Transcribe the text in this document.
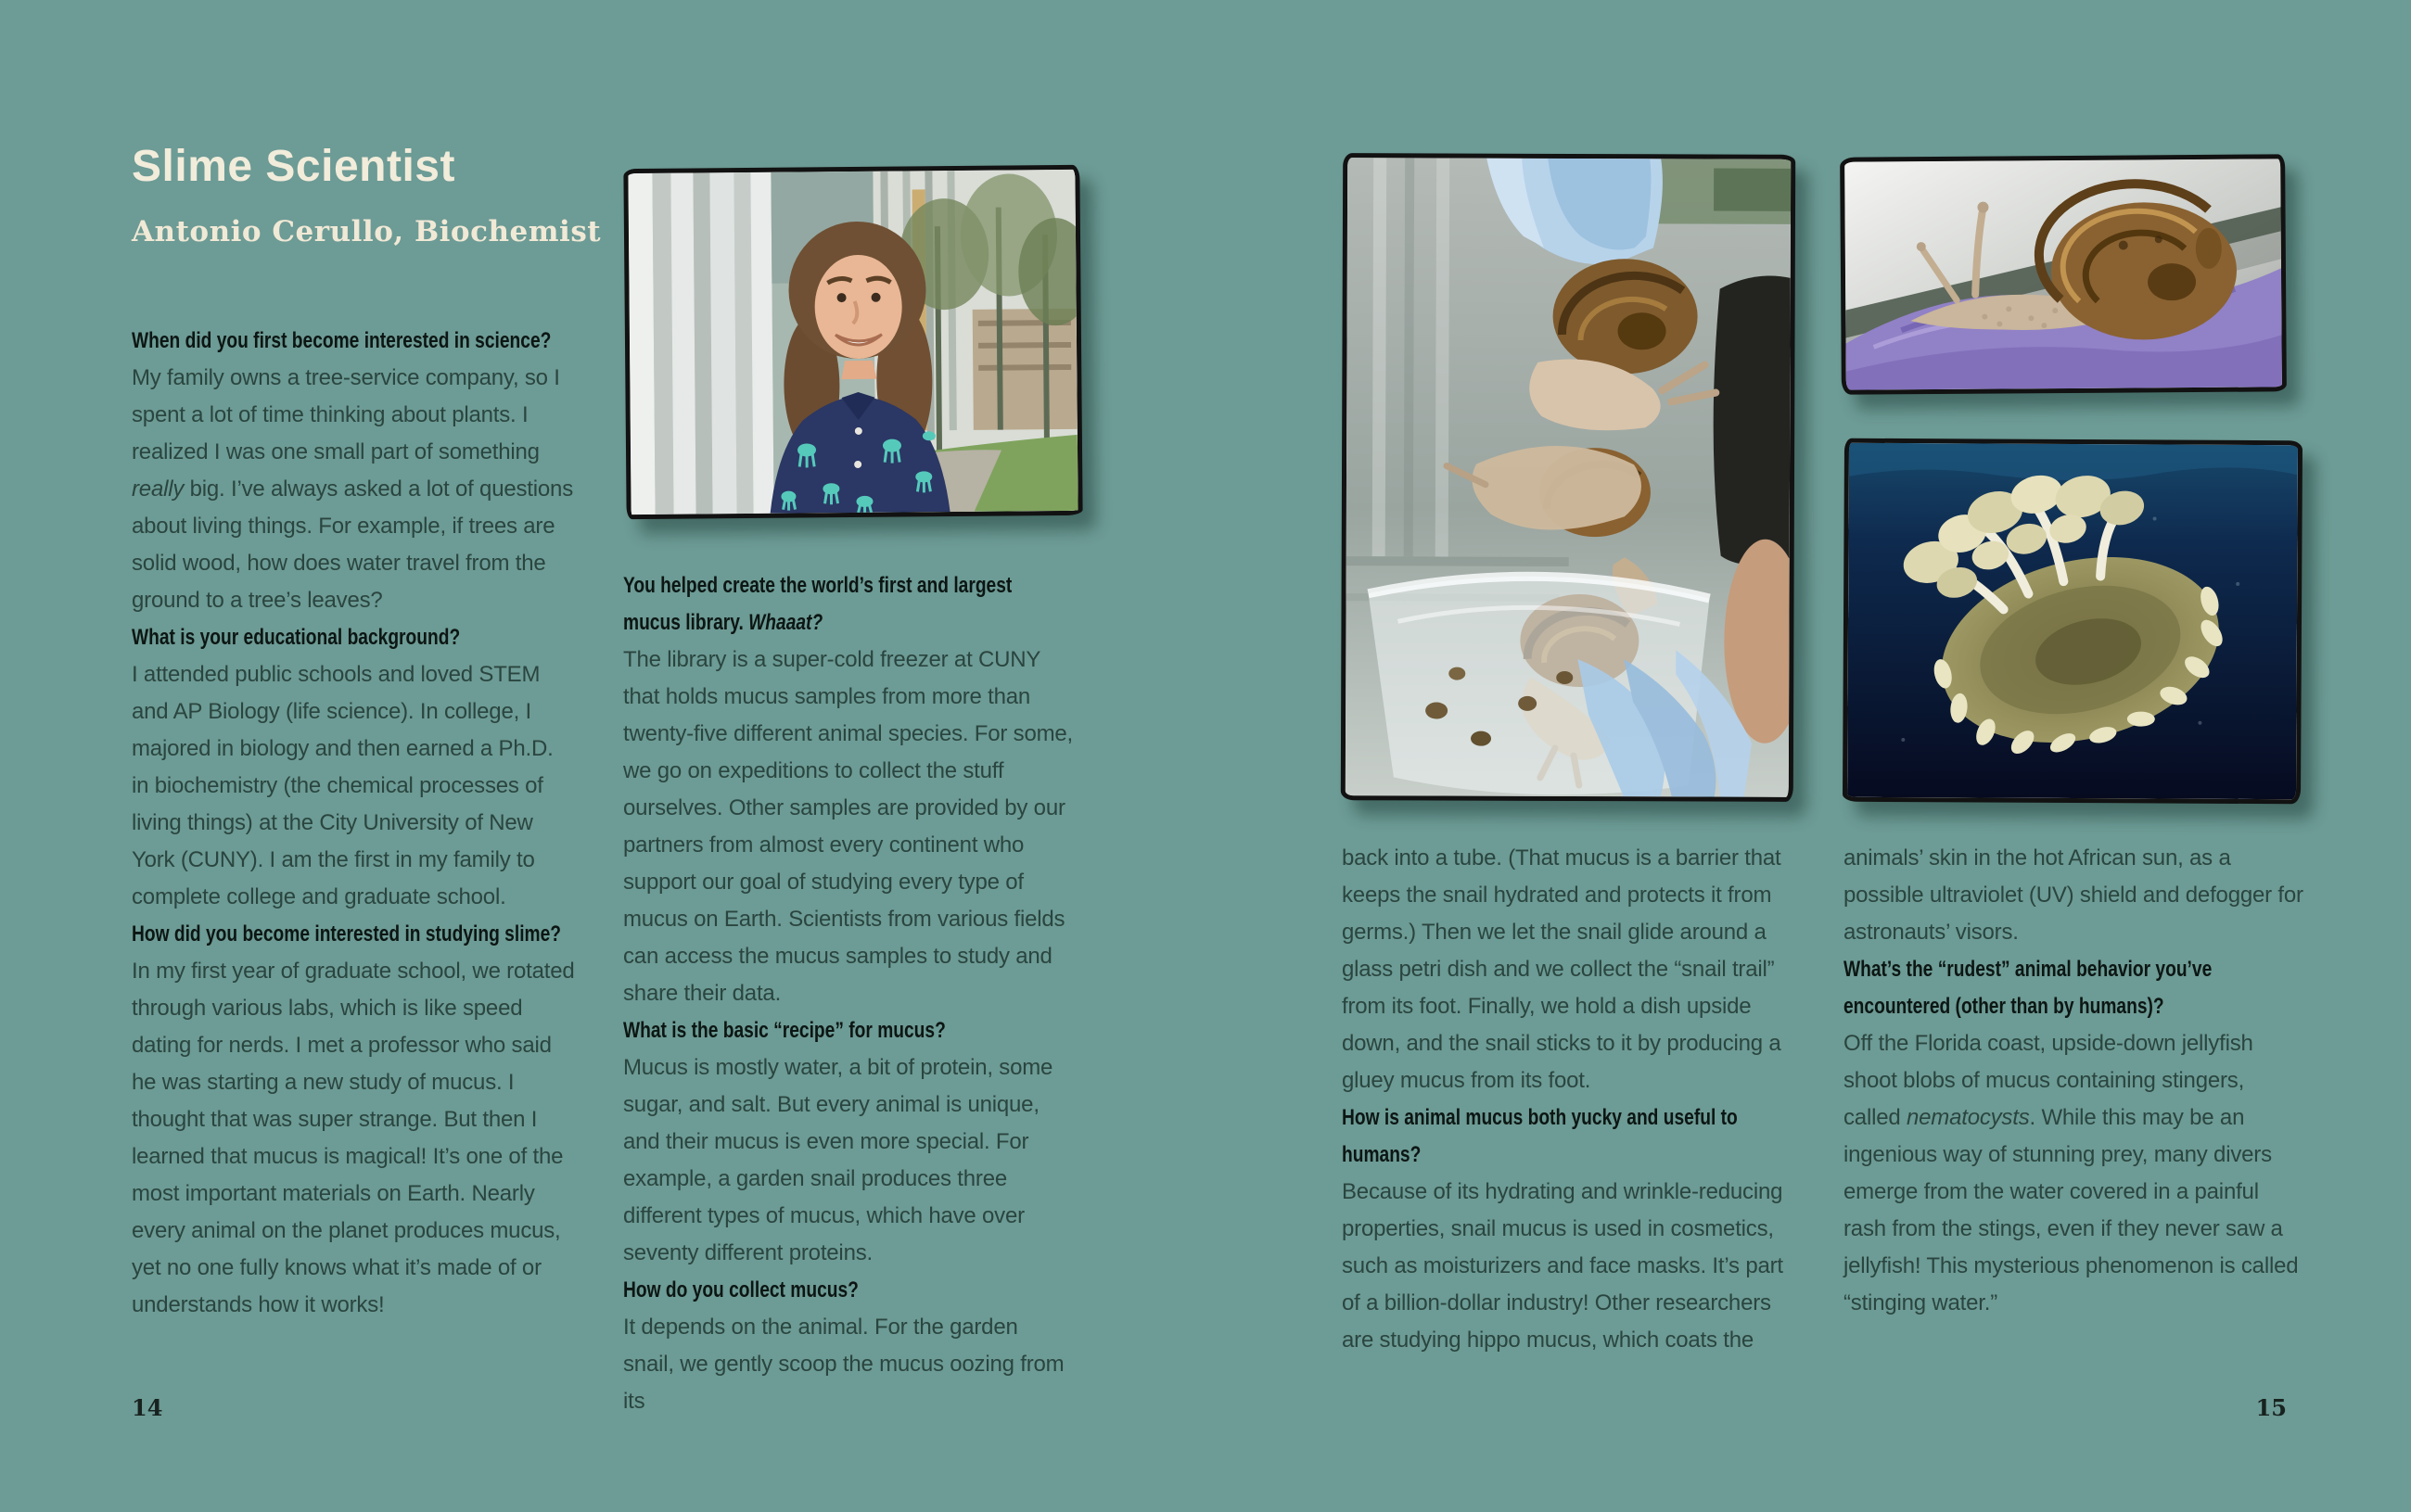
Slime Scientist
Antonio Cerullo, Biochemist

When did you first become interested in science?

My family owns a tree-service company, so I spent a lot of time thinking about plants. I realized I was one small part of something really big. I’ve always asked a lot of questions about living things. For example, if trees are solid wood, how does water travel from the ground to a tree’s leaves?

What is your educational background?

I attended public schools and loved STEM and AP Biology (life science). In college, I majored in biology and then earned a Ph.D. in biochemistry (the chemical processes of living things) at the City University of New York (CUNY). I am the first in my family to complete college and graduate school.

How did you become interested in studying slime?

In my first year of graduate school, we rotated through various labs, which is like speed dating for nerds. I met a professor who said he was starting a new study of mucus. I thought that was super strange. But then I learned that mucus is magical! It’s one of the most important materials on Earth. Nearly every animal on the planet produces mucus, yet no one fully knows what it’s made of or understands how it works!

You helped create the world’s first and largest mucus library. Whaaat?

The library is a super-cold freezer at CUNY that holds mucus samples from more than twenty-five different animal species. For some, we go on expeditions to collect the stuff ourselves. Other samples are provided by our partners from almost every continent who support our goal of studying every type of mucus on Earth. Scientists from various fields can access the mucus samples to study and share their data.

What is the basic “recipe” for mucus?

Mucus is mostly water, a bit of protein, some sugar, and salt. But every animal is unique, and their mucus is even more special. For example, a garden snail produces three different types of mucus, which have over seventy different proteins.

How do you collect mucus?

It depends on the animal. For the garden snail, we gently scoop the mucus oozing from its

14

back into a tube. (That mucus is a barrier that keeps the snail hydrated and protects it from germs.) Then we let the snail glide around a glass petri dish and we collect the “snail trail” from its foot. Finally, we hold a dish upside down, and the snail sticks to it by producing a gluey mucus from its foot.

How is animal mucus both yucky and useful to humans?

Because of its hydrating and wrinkle-reducing properties, snail mucus is used in cosmetics, such as moisturizers and face masks. It’s part of a billion-dollar industry! Other researchers are studying hippo mucus, which coats the

animals’ skin in the hot African sun, as a possible ultraviolet (UV) shield and defogger for astronauts’ visors.

What’s the “rudest” animal behavior you’ve encountered (other than by humans)?

Off the Florida coast, upside-down jellyfish shoot blobs of mucus containing stingers, called nematocysts. While this may be an ingenious way of stunning prey, many divers emerge from the water covered in a painful rash from the stings, even if they never saw a jellyfish! This mysterious phenomenon is called “stinging water.”

15
